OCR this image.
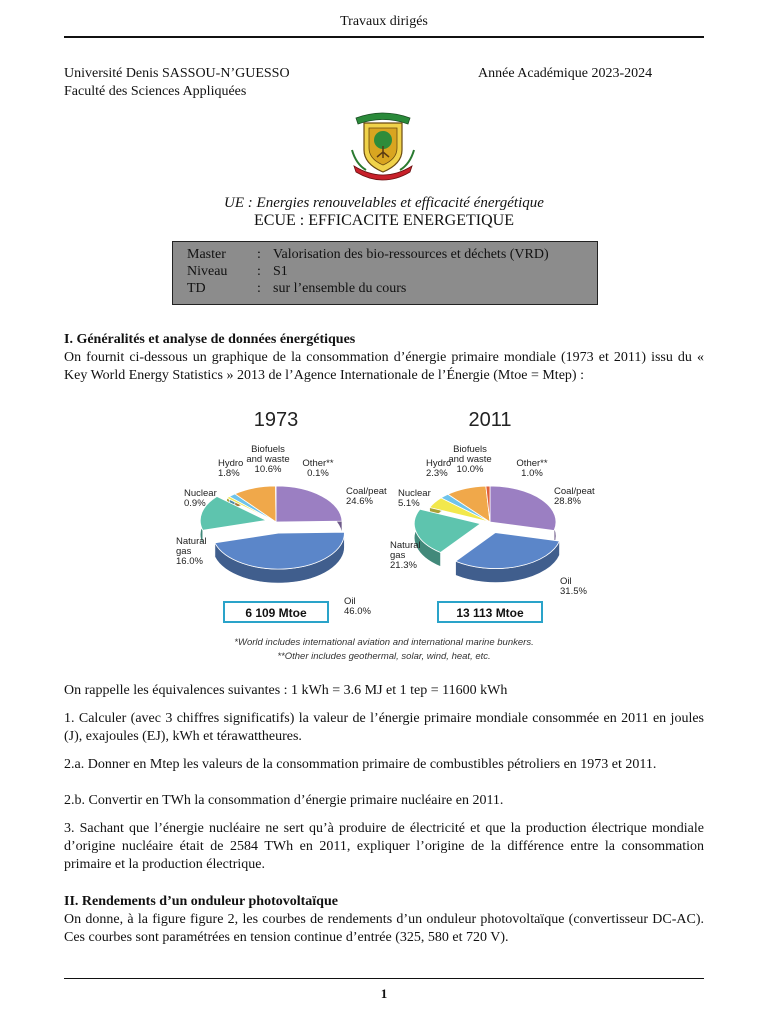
Travaux dirigés
Université Denis SASSOU-N’GUESSO
Faculté des Sciences Appliquées
Année Académique 2023-2024
UE : Energies renouvelables et efficacité énergétique
ECUE : EFFICACITE ENERGETIQUE
Master : Valorisation des bio-ressources et déchets (VRD)
Niveau : S1
TD	: sur l’ensemble du cours

I. Généralités et analyse de données énergétiques

On fournit ci-dessous un graphique de la consommation d’énergie primaire mondiale (1973 et 2011) issu du « Key World Energy Statistics » 2013 de l’Agence Internationale de l’Énergie (Mtoe = Mtep) :

1973
Coal/peat
24.6%
Oil
46.0%
Natural
gas
16.0%
Nuclear
0.9%
Hydro
1.8%
Biofuels
and waste
10.6%
Other**
0.1%
6 109 Mtoe
2011
Coal/peat
28.8%
Oil
31.5%
Natural
gas
21.3%
Nuclear
5.1%
Hydro
2.3%
Biofuels
and waste
10.0%
Other**
1.0%
13 113 Mtoe
*World includes international aviation and international marine bunkers.
**Other includes geothermal, solar, wind, heat, etc.
On rappelle les équivalences suivantes : 1 kWh = 3.6 MJ et 1 tep = 11600 kWh
1. Calculer (avec 3 chiffres significatifs) la valeur de l’énergie primaire mondiale consommée en 2011 en joules (J), exajoules (EJ), kWh et térawattheures.
2.a. Donner en Mtep les valeurs de la consommation primaire de combustibles pétroliers en 1973 et 2011.
2.b. Convertir en TWh la consommation d’énergie primaire nucléaire en 2011.
3. Sachant que l’énergie nucléaire ne sert qu’à produire de électricité et que la production électrique mondiale d’origine nucléaire était de 2584 TWh en 2011, expliquer l’origine de la différence entre la consommation primaire et la production électrique.

II. Rendements d’un onduleur photovoltaïque

On donne, à la figure figure 2, les courbes de rendements d’un onduleur photovoltaïque (convertisseur DC-AC). Ces courbes sont paramétrées en tension continue d’entrée (325, 580 et 720 V).

1
